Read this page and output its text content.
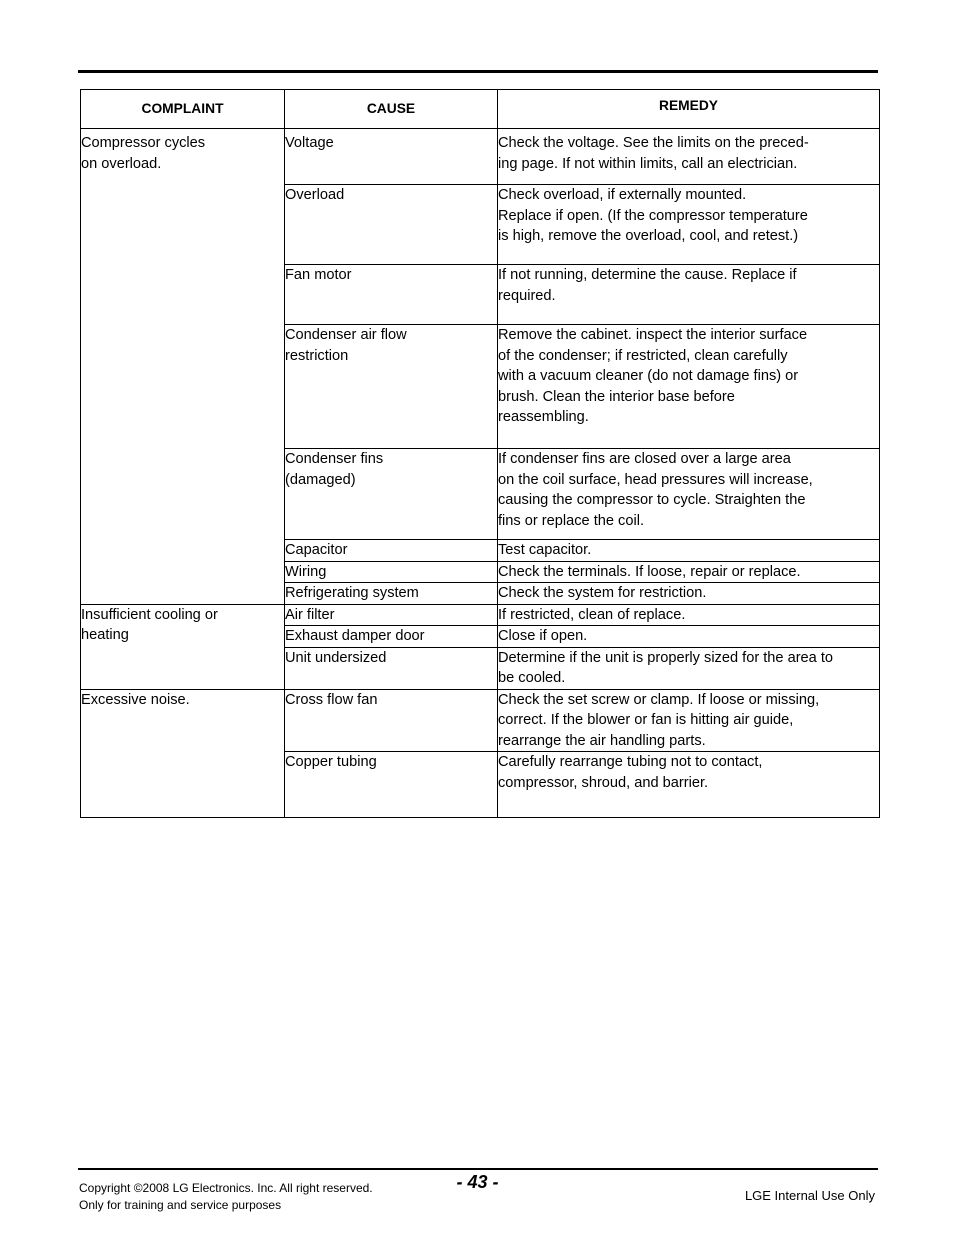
COMPLAINT	CAUSE	REMEDY

Compressor cycles
on overload.	Voltage	Check the voltage. See the limits on the preced-
ing page. If not within limits, call an electrician.
	Overload	Check overload, if externally mounted.
Replace if open. (If the compressor temperature
is high, remove the overload, cool, and retest.)
	Fan motor	If not running, determine the cause. Replace if
required.
	Condenser air flow
restriction	Remove the cabinet. inspect the interior surface
of the condenser; if restricted, clean carefully
with a vacuum cleaner (do not damage fins) or
brush. Clean the interior base before
reassembling.
	Condenser fins
(damaged)	If condenser fins are closed over a large area
on the coil surface, head pressures will increase,
causing the compressor to cycle. Straighten the
fins or replace the coil.
	Capacitor	Test capacitor.
	Wiring	Check the terminals. If loose, repair or replace.
	Refrigerating system	Check the system for restriction.
Insufficient cooling or
heating	Air filter	If restricted, clean of replace.
	Exhaust damper door	Close if open.
	Unit undersized	Determine if the unit is properly sized for the area to
be cooled.
Excessive noise.	Cross flow fan	Check the set screw or clamp. If loose or missing,
correct. If the blower or fan is hitting air guide,
rearrange the air handling parts.
	Copper tubing	Carefully rearrange tubing not to contact,
compressor, shroud, and barrier.
Copyright ©2008 LG Electronics. Inc. All right reserved.
Only for training and service purposes
- 43 -
LGE Internal Use Only
